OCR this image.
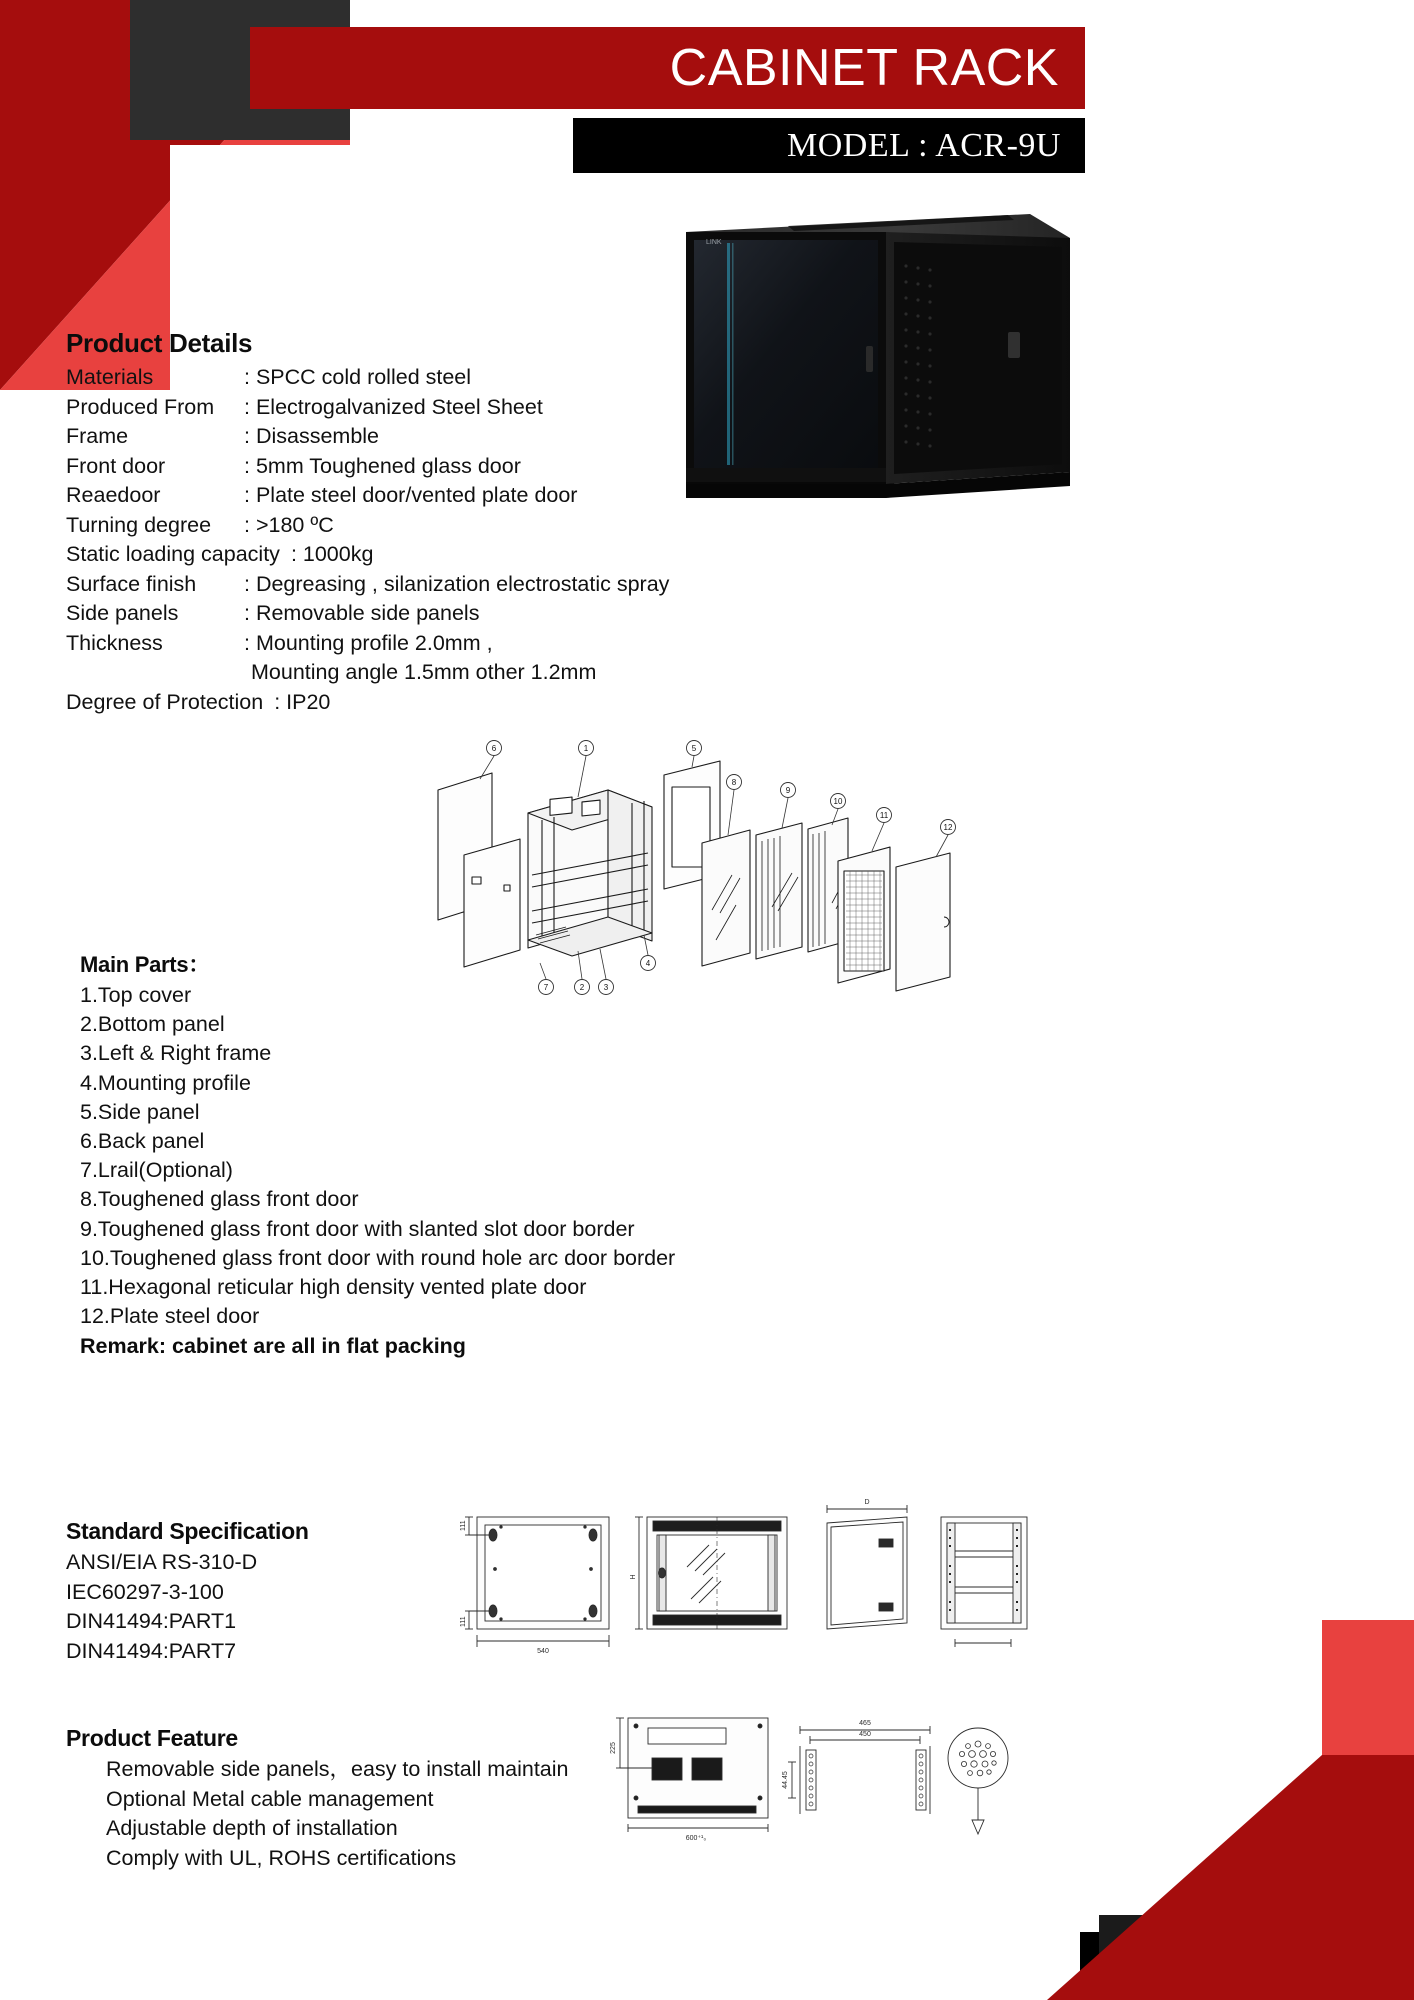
CABINET RACK
MODEL : ACR-9U
LINK
Product Details
Materials	: SPCC cold rolled steel
Produced From : Electrogalvanized Steel Sheet
Frame	: Disassemble
Front door	: 5mm Toughened glass door
Reaedoor	: Plate steel door/vented plate door
Turning degree : >180 ºC
Static loading capacity : 1000kg
Surface finish : Degreasing , silanization electrostatic spray
Side panels	: Removable side panels
Thickness	: Mounting profile 2.0mm ,
Mounting angle 1.5mm other 1.2mm
Degree of Protection : IP20
6	1	5
8
9
10
11
12
7	2 3
4
Main Parts：
1.Top cover
2.Bottom panel
3.Left & Right frame
4.Mounting profile
5.Side panel
6.Back panel
7.Lrail(Optional)
8.Toughened glass front door
9.Toughened glass front door with slanted slot door border
10.Toughened glass front door with round hole arc door border
11.Hexagonal reticular high density vented plate door
12.Plate steel door
Remark: cabinet are all in flat packing
Standard Specification
ANSI/EIA RS-310-D
IEC60297-3-100
DIN41494:PART1
DIN41494:PART7
111
111
540
H
D
225
600⁺¹₀
465
450
44.45
Product Feature
Removable side panels，easy to install maintain
Optional Metal cable management
Adjustable depth of installation
Comply with UL, ROHS certifications
